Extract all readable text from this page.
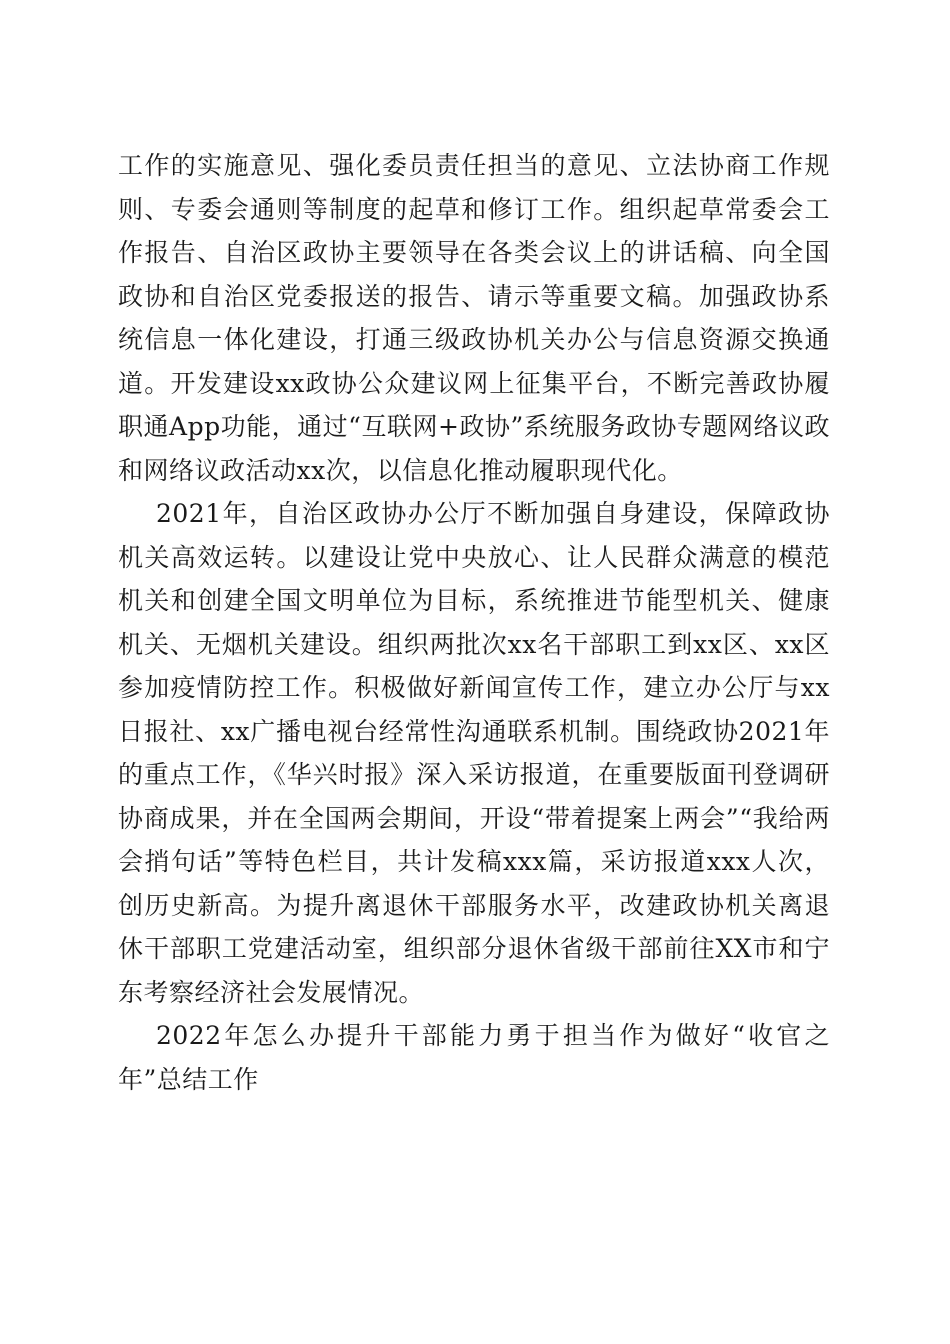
工作的实施意见、强化委员责任担当的意见、立法协商工作规则、专委会通则等制度的起草和修订工作。组织起草常委会工作报告、自治区政协主要领导在各类会议上的讲话稿、向全国政协和自治区党委报送的报告、请示等重要文稿。加强政协系统信息一体化建设，打通三级政协机关办公与信息资源交换通道。开发建设xx政协公众建议网上征集平台，不断完善政协履职通App功能，通过“互联网+政协”系统服务政协专题网络议政和网络议政活动xx次，以信息化推动履职现代化。

2021年，自治区政协办公厅不断加强自身建设，保障政协机关高效运转。以建设让党中央放心、让人民群众满意的模范机关和创建全国文明单位为目标，系统推进节能型机关、健康机关、无烟机关建设。组织两批次xx名干部职工到xx区、xx区参加疫情防控工作。积极做好新闻宣传工作，建立办公厅与xx日报社、xx广播电视台经常性沟通联系机制。围绕政协2021年的重点工作，《华兴时报》深入采访报道，在重要版面刊登调研协商成果，并在全国两会期间，开设“带着提案上两会”“我给两会捎句话”等特色栏目，共计发稿xxx篇，采访报道xxx人次，创历史新高。为提升离退休干部服务水平，改建政协机关离退休干部职工党建活动室，组织部分退休省级干部前往XX市和宁东考察经济社会发展情况。

2022年怎么办提升干部能力勇于担当作为做好“收官之年”总结工作
